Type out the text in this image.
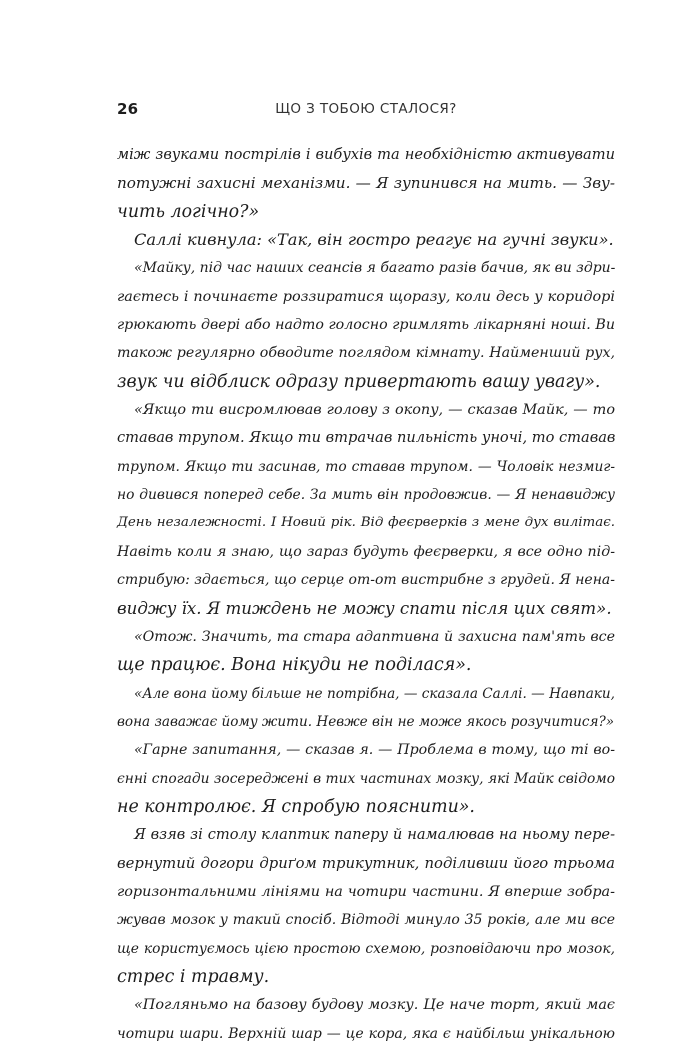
26	ЩО З ТОБОЮ СТАЛОСЯ?
між звуками пострілів і вибухів та необхідністю активувати
потужні захисні механізми. — Я зупинився на мить. — Зву-
чить логічно?»
Саллі кивнула: «Так, він гостро реагує на гучні звуки».
«Майку, під час наших сеансів я багато разів бачив, як ви здри-
гаєтесь і починаєте роззиратися щоразу, коли десь у коридорі
грюкають двері або надто голосно гримлять лікарняні ноші. Ви
також регулярно обводите поглядом кімнату. Найменший рух,
звук чи відблиск одразу привертають вашу увагу».
«Якщо ти висромлював голову з окопу, — сказав Майк, — то
ставав трупом. Якщо ти втрачав пильність уночі, то ставав
трупом. Якщо ти засинав, то ставав трупом. — Чоловік незмиг-
но дивився поперед себе. За мить він продовжив. — Я ненавиджу
День незалежності. І Новий рік. Від феєрверків з мене дух вилітає.
Навіть коли я знаю, що зараз будуть феєрверки, я все одно під-
стрибую: здається, що серце от-от вистрибне з грудей. Я нена-
виджу їх. Я тиждень не можу спати після цих свят».
«Отож. Значить, та стара адаптивна й захисна пам'ять все
ще працює. Вона нікуди не поділася».
«Але вона йому більше не потрібна, — сказала Саллі. — Навпаки,
вона заважає йому жити. Невже він не може якось розучитися?»
«Гарне запитання, — сказав я. — Проблема в тому, що ті во-
єнні спогади зосереджені в тих частинах мозку, які Майк свідомо
не контролює. Я спробую пояснити».
Я взяв зі столу клаптик паперу й намалював на ньому пере-
вернутий догори дриґом трикутник, поділивши його трьома
горизонтальними лініями на чотири частини. Я вперше зобра-
жував мозок у такий спосіб. Відтоді минуло 35 років, але ми все
ще користуємось цією простою схемою, розповідаючи про мозок,
стрес і травму.
«Погляньмо на базову будову мозку. Це наче торт, який має
чотири шари. Верхній шар — це кора, яка є найбільш унікальною
